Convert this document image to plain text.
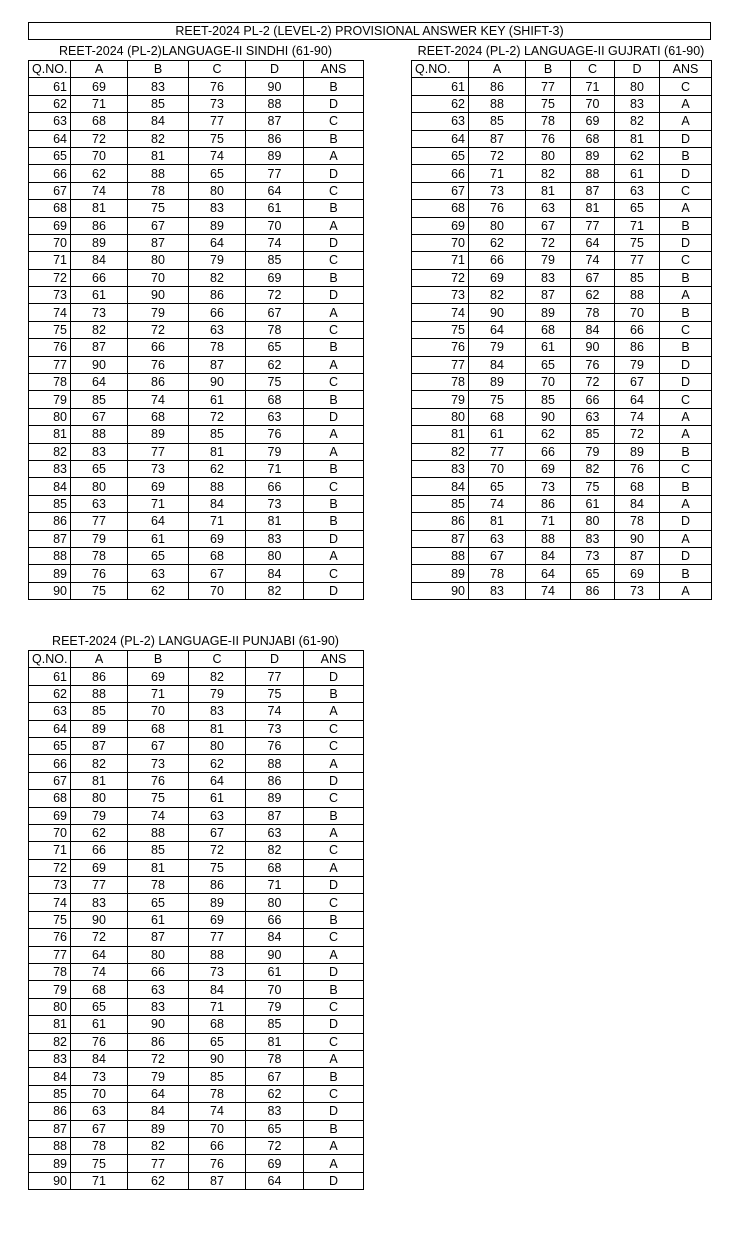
REET-2024 PL-2 (LEVEL-2) PROVISIONAL ANSWER KEY (SHIFT-3)
REET-2024 (PL-2)LANGUAGE-II SINDHI (61-90)
Q.NO.	A	B	C	D	ANS
61	69	83	76	90	B
62	71	85	73	88	D
63	68	84	77	87	C
64	72	82	75	86	B
65	70	81	74	89	A
66	62	88	65	77	D
67	74	78	80	64	C
68	81	75	83	61	B
69	86	67	89	70	A
70	89	87	64	74	D
71	84	80	79	85	C
72	66	70	82	69	B
73	61	90	86	72	D
74	73	79	66	67	A
75	82	72	63	78	C
76	87	66	78	65	B
77	90	76	87	62	A
78	64	86	90	75	C
79	85	74	61	68	B
80	67	68	72	63	D
81	88	89	85	76	A
82	83	77	81	79	A
83	65	73	62	71	B
84	80	69	88	66	C
85	63	71	84	73	B
86	77	64	71	81	B
87	79	61	69	83	D
88	78	65	68	80	A
89	76	63	67	84	C
90	75	62	70	82	D
REET-2024 (PL-2) LANGUAGE-II GUJRATI (61-90)
Q.NO.	A	B	C	D	ANS
61	86	77	71	80	C
62	88	75	70	83	A
63	85	78	69	82	A
64	87	76	68	81	D
65	72	80	89	62	B
66	71	82	88	61	D
67	73	81	87	63	C
68	76	63	81	65	A
69	80	67	77	71	B
70	62	72	64	75	D
71	66	79	74	77	C
72	69	83	67	85	B
73	82	87	62	88	A
74	90	89	78	70	B
75	64	68	84	66	C
76	79	61	90	86	B
77	84	65	76	79	D
78	89	70	72	67	D
79	75	85	66	64	C
80	68	90	63	74	A
81	61	62	85	72	A
82	77	66	79	89	B
83	70	69	82	76	C
84	65	73	75	68	B
85	74	86	61	84	A
86	81	71	80	78	D
87	63	88	83	90	A
88	67	84	73	87	D
89	78	64	65	69	B
90	83	74	86	73	A
REET-2024 (PL-2) LANGUAGE-II PUNJABI (61-90)
Q.NO.	A	B	C	D	ANS
61	86	69	82	77	D
62	88	71	79	75	B
63	85	70	83	74	A
64	89	68	81	73	C
65	87	67	80	76	C
66	82	73	62	88	A
67	81	76	64	86	D
68	80	75	61	89	C
69	79	74	63	87	B
70	62	88	67	63	A
71	66	85	72	82	C
72	69	81	75	68	A
73	77	78	86	71	D
74	83	65	89	80	C
75	90	61	69	66	B
76	72	87	77	84	C
77	64	80	88	90	A
78	74	66	73	61	D
79	68	63	84	70	B
80	65	83	71	79	C
81	61	90	68	85	D
82	76	86	65	81	C
83	84	72	90	78	A
84	73	79	85	67	B
85	70	64	78	62	C
86	63	84	74	83	D
87	67	89	70	65	B
88	78	82	66	72	A
89	75	77	76	69	A
90	71	62	87	64	D
